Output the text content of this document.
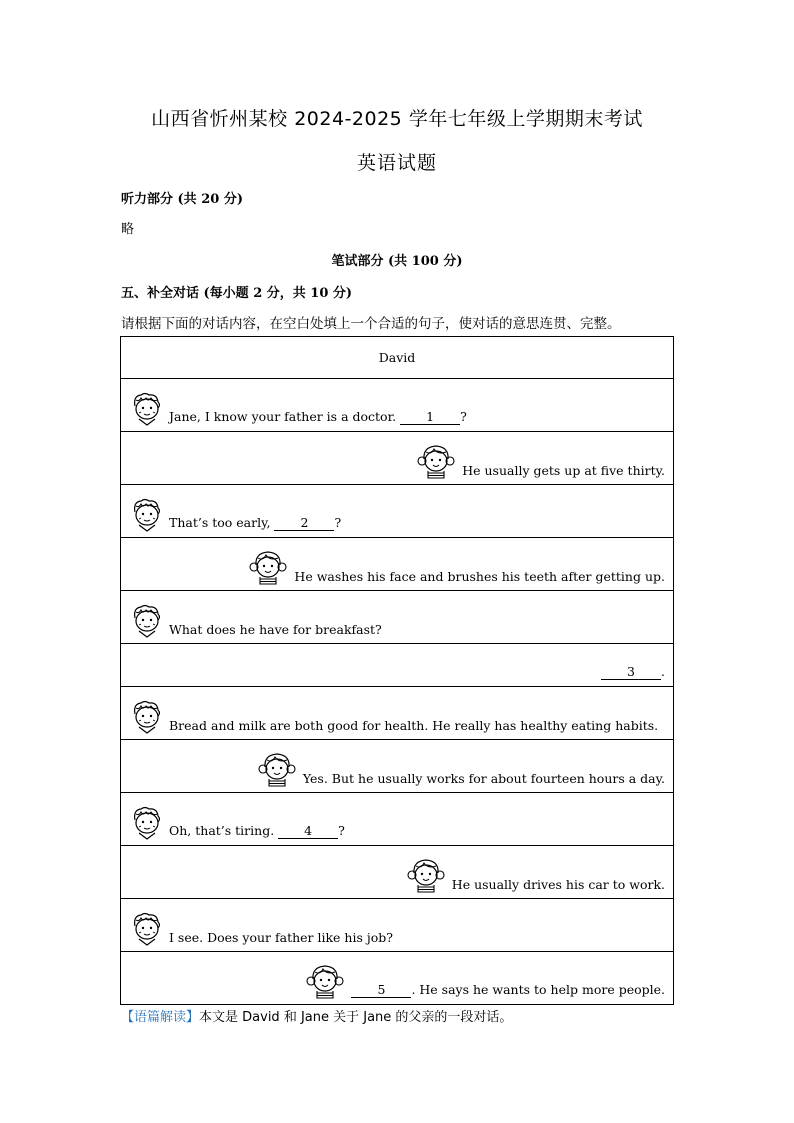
山西省忻州某校 2024-2025 学年七年级上学期期末考试
英语试题
听力部分 (共 20 分)
略
笔试部分 (共 100 分)
五、补全对话 (每小题 2 分，共 10 分)
请根据下面的对话内容，在空白处填上一个合适的句子，使对话的意思连贯、完整。
David

Jane, I know your father is a doctor. 1 ?

He usually gets up at five thirty.

That’s too early, 2 ?

He washes his face and brushes his teeth after getting up.

What does he have for breakfast?

3 .

Bread and milk are both good for health. He really has healthy eating habits.

Yes. But he usually works for about fourteen hours a day.

Oh, that’s tiring. 4 ?

He usually drives his car to work.

I see. Does your father like his job?

5 . He says he wants to help more people.
【语篇解读】本文是 David 和 Jane 关于 Jane 的父亲的一段对话。
